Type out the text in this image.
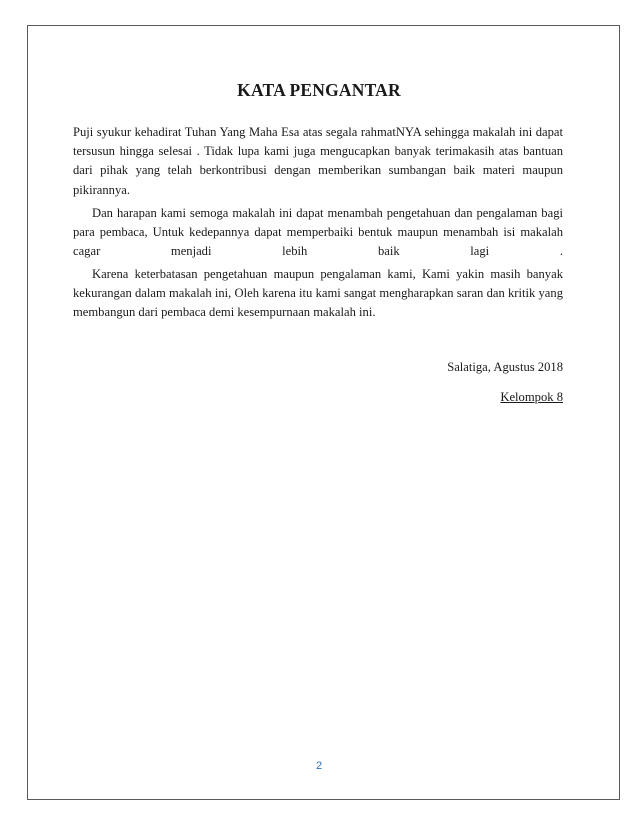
KATA PENGANTAR

Puji syukur kehadirat Tuhan Yang Maha Esa atas segala rahmatNYA sehingga makalah ini dapat tersusun hingga selesai . Tidak lupa kami juga mengucapkan banyak terimakasih atas bantuan dari pihak yang telah berkontribusi dengan memberikan sumbangan baik materi maupun pikirannya.

Dan harapan kami semoga makalah ini dapat menambah pengetahuan dan pengalaman bagi para pembaca, Untuk kedepannya dapat memperbaiki bentuk maupun menambah isi makalah cagar menjadi lebih baik lagi	.

Karena keterbatasan pengetahuan maupun pengalaman kami, Kami yakin masih banyak kekurangan dalam makalah ini, Oleh karena itu kami sangat mengharapkan saran dan kritik yang membangun dari pembaca demi kesempurnaan makalah ini.

Salatiga, Agustus 2018

Kelompok 8

2
